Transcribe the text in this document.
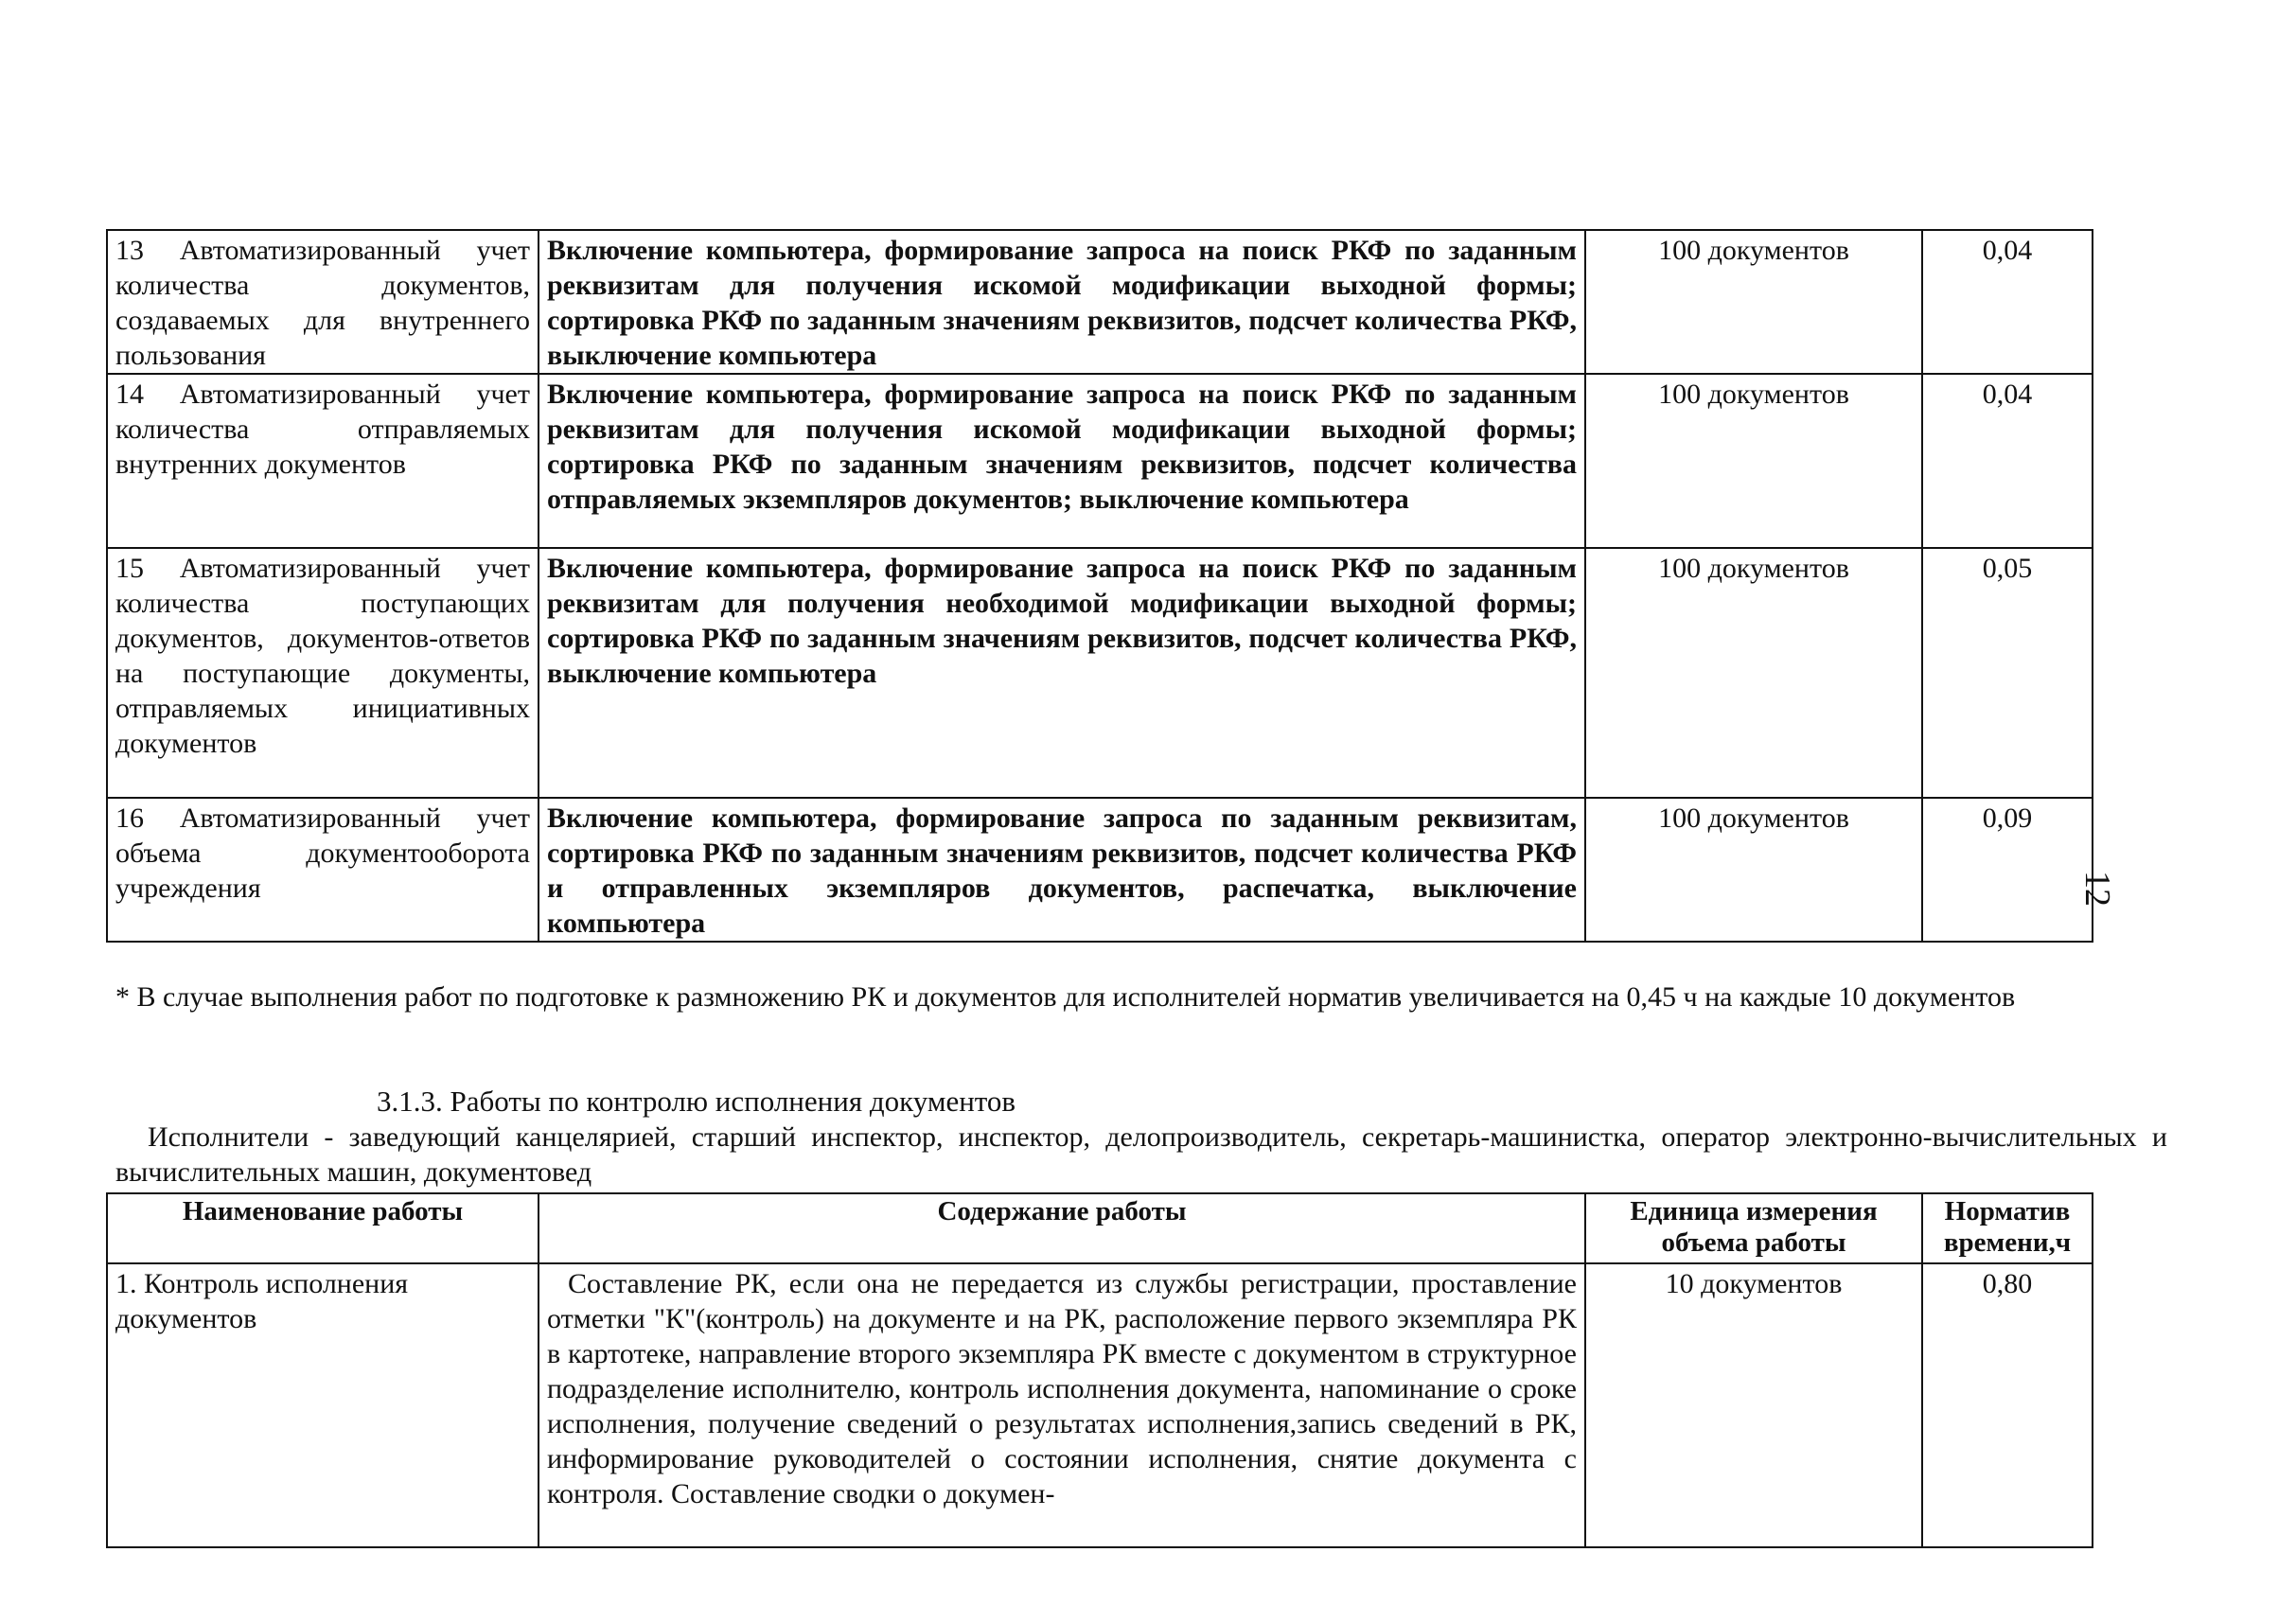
13 Автоматизированный учет количества документов, создаваемых для внутреннего пользования	Включение компьютера, формирование запроса на поиск РКФ по заданным реквизитам для получения искомой модификации выходной формы; сортировка РКФ по заданным значениям реквизитов, подсчет количества РКФ, выключение компьютера	100 документов	0,04
14 Автоматизированный учет количества отправляемых внутренних документов	Включение компьютера, формирование запроса на поиск РКФ по заданным реквизитам для получения искомой модификации выходной формы; сортировка РКФ по заданным значениям реквизитов, подсчет количества отправляемых экземпляров документов; выключение компьютера	100 документов	0,04
15 Автоматизированный учет количества поступающих документов, документов-ответов на поступающие документы, отправляемых инициативных документов	Включение компьютера, формирование запроса на поиск РКФ по заданным реквизитам для получения необходимой модификации выходной формы; сортировка РКФ по заданным значениям реквизитов, подсчет количества РКФ, выключение компьютера	100 документов	0,05
16 Автоматизированный учет объема документооборота учреждения	Включение компьютера, формирование запроса по заданным реквизитам, сортировка РКФ по заданным значениям реквизитов, подсчет количества РКФ и отправленных экземпляров документов, распечатка, выключение компьютера	100 документов	0,09
* В случае выполнения работ по подготовке к размножению РК и документов для исполнителей норматив увеличивается на 0,45 ч на каждые 10 документов
3.1.3. Работы по контролю исполнения документов
Исполнители - заведующий канцелярией, старший инспектор, инспектор, делопроизводитель, секретарь-машинистка, оператор электронно-вычислительных и вычислительных машин, документовед
Наименование работы	Содержание работы	Единица измерения объема работы	Норматив времени,ч
1. Контроль исполнения документов	Составление РК, если она не передается из службы регистрации, проставление отметки "К"(контроль) на документе и на РК, расположение первого экземпляра РК в картотеке, направление второго экземпляра РК вместе с документом в структурное подразделение исполнителю, контроль исполнения документа, напоминание о сроке исполнения, получение сведений о результатах исполнения,запись сведений в РК, информирование руководителей о состоянии исполнения, снятие документа с контроля. Составление сводки о докумен-	10 документов	0,80
12
